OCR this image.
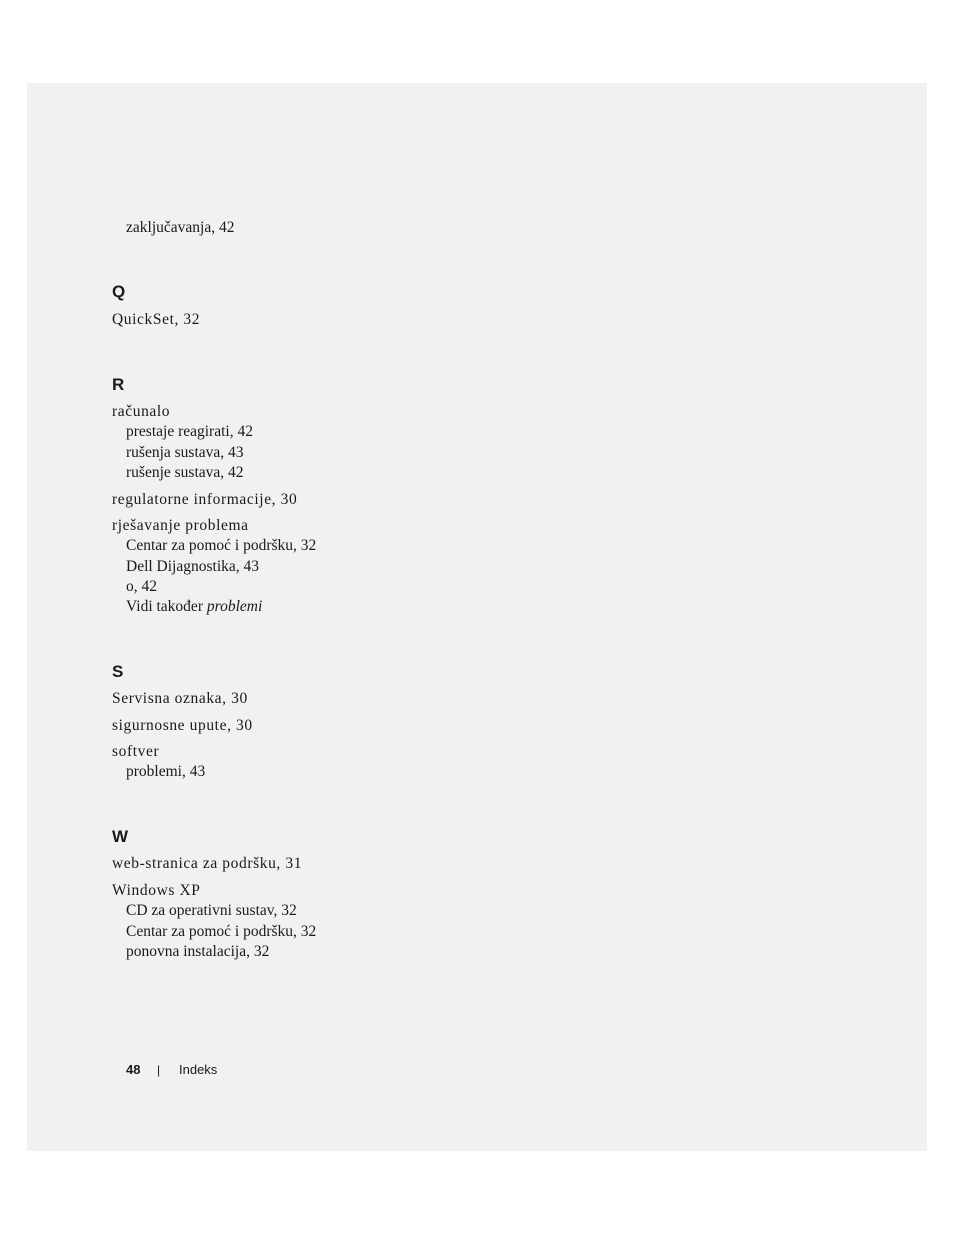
zaključavanja, 42
Q
QuickSet, 32
R
računalo
prestaje reagirati, 42
rušenja sustava, 43
rušenje sustava, 42
regulatorne informacije, 30
rješavanje problema
Centar za pomoć i podršku, 32
Dell Dijagnostika, 43
o, 42
Vidi također problemi
S
Servisna oznaka, 30
sigurnosne upute, 30
softver
problemi, 43
W
web-stranica za podršku, 31
Windows XP
CD za operativni sustav, 32
Centar za pomoć i podršku, 32
ponovna instalacija, 32
48 | Indeks
